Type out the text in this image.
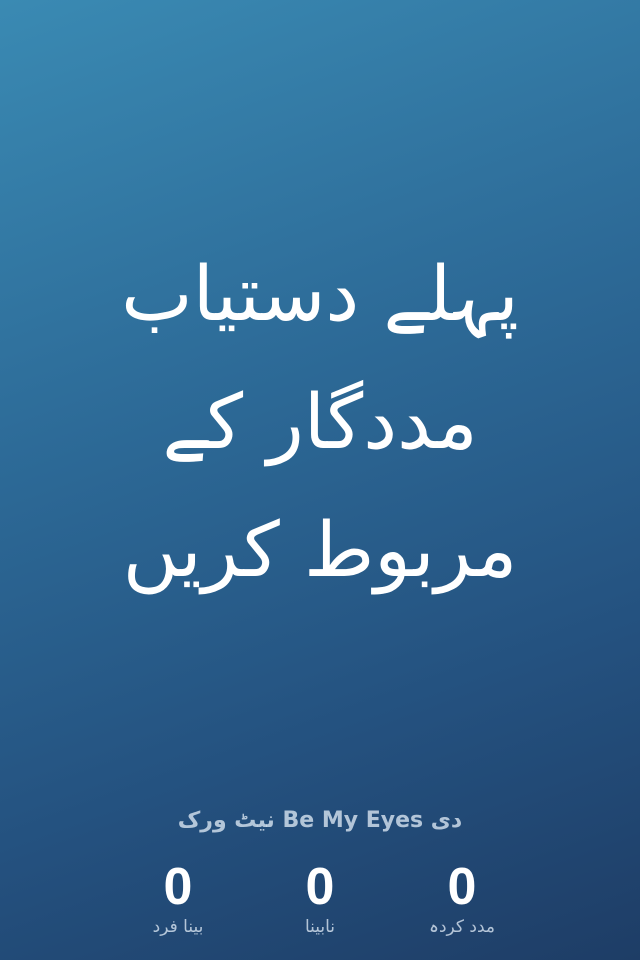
پہلے دستیاب
مددگار کے
مربوط کریں
دی Be My Eyes نیٹ ورک
0
بینا فرد
0
نابینا
0
مدد کردہ
